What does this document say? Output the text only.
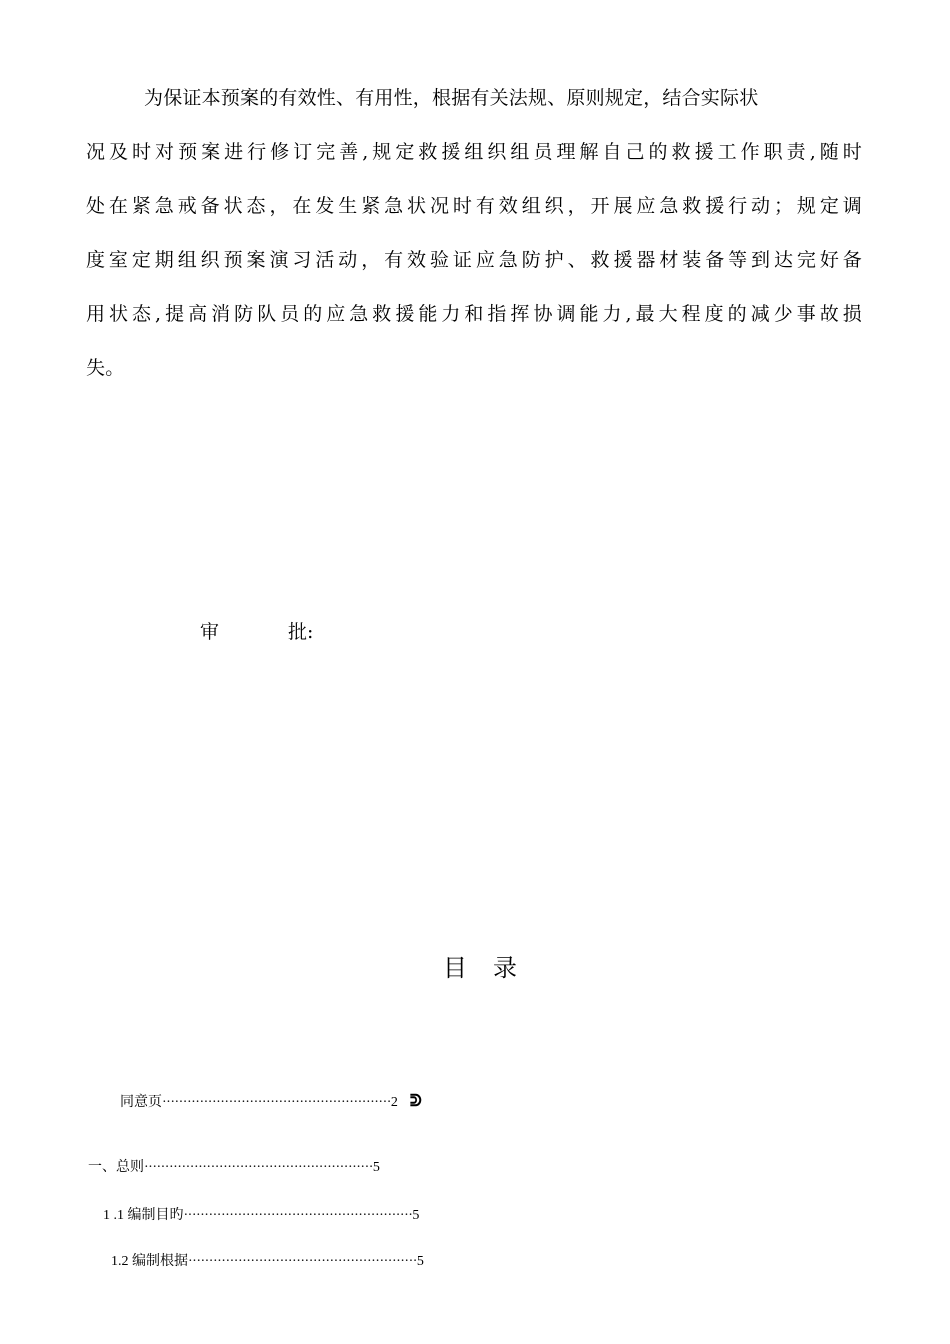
为保证本预案的有效性、有用性，根据有关法规、原则规定，结合实际状
况及时对预案进行修订完善,规定救援组织组员理解自己的救援工作职责,随时
处在紧急戒备状态，在发生紧急状况时有效组织，开展应急救援行动；规定调
度室定期组织预案演习活动，有效验证应急防护、救援器材装备等到达完好备
用状态,提高消防队员的应急救援能力和指挥协调能力,最大程度的减少事故损
失。
审	批:
目 录
同意页·······················································2 ᕲ
一、总则·······················································5
1 .1 编制目旳·······················································5
1.2 编制根据·······················································5
